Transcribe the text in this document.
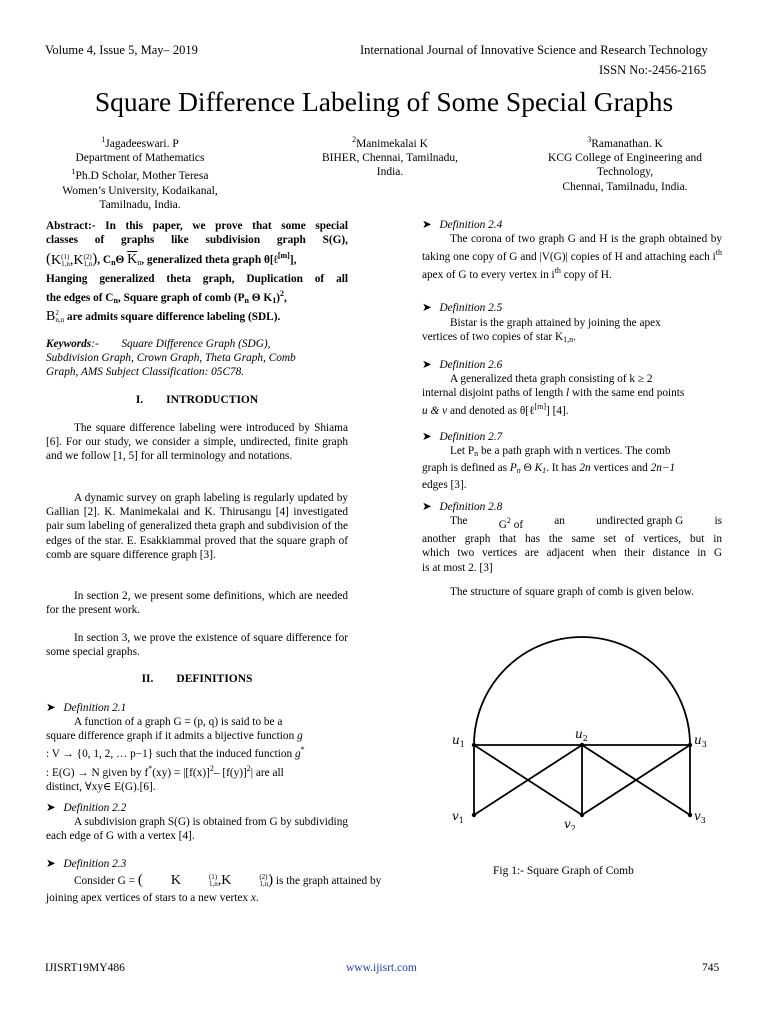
Volume 4, Issue 5, May– 2019	International Journal of Innovative Science and Research Technology
ISSN No:-2456-2165
Square Difference Labeling of Some Special Graphs
$^1$Jagadeeswari. P
Department of Mathematics
$^1$Ph.D Scholar, Mother Teresa
Women’s University, Kodaikanal,
Tamilnadu, India.
$^2$Manimekalai K
BIHER, Chennai, Tamilnadu,
India.
$^3$Ramanathan. K
KCG College of Engineering and
Technology,
Chennai, Tamilnadu, India.
Abstract:- In this paper, we prove that some special
classes of graphs like subdivision graph S(G),
(K (1)
1,n ,K (2)
1,n ), $C_n\Theta$ $\overline{K}_n$, generalized theta graph θ[ℓ[m]],
Hanging generalized theta graph, Duplication of all
the edges of $C_n$, Square graph of comb ($P_n$ Θ $K_1)^2$,
B 2
n,n are admits square difference labeling (SDL).
Keywords:-        Square Difference Graph (SDG),
Subdivision Graph, Crown Graph, Theta Graph, Comb
Graph, AMS Subject Classification: 05C78.
I.        INTRODUCTION
The square difference labeling were introduced by Shiama [6]. For our study, we consider a simple, undirected, finite graph and we follow [1, 5] for all terminology and notations.
A dynamic survey on graph labeling is regularly updated by Gallian [2]. K. Manimekalai and K. Thirusangu [4] investigated pair sum labeling of generalized theta graph and subdivision of the edges of the star. E. Esakkiammal proved that the square graph of comb are square difference graph [3].
In section 2, we present some definitions, which are needed for the present work.
In section 3, we prove the existence of square difference for some special graphs.
II.        DEFINITIONS
➤ Definition 2.1
A function of a graph G = (p, q) is said to be a
square difference graph if it admits a bijective function g
: V → {0, 1, 2, … p−1} such that the induced function g*
: E(G) → N given by $f^*(xy) = |[f(x)]^2-$ $[f(y)]^2|$ are all
distinct, ∀xy∈ E(G).[6].
➤ Definition 2.2
A subdivision graph S(G) is obtained from G by subdividing each edge of G with a vertex [4].
➤ Definition 2.3
Consider G = ( K	(1)
1,n ,K	(2)
1,n ) is the graph attained by
joining apex vertices of stars to a new vertex x.
➤ Definition 2.4
The corona of two graph G and H is the graph obtained by taking one copy of G and |V(G)| copies of H and attaching each $i^{th}$ apex of G to every vertex in $i^{th}$ copy of H.
➤ Definition 2.5
Bistar is the graph attained by joining the apex
vertices of two copies of star $K_{1,n}$.
➤ Definition 2.6
A generalized theta graph consisting of k ≥ 2
internal disjoint paths of length l with the same end points
u & v and denoted as θ[ℓ[m]] [4].
➤ Definition 2.7
Let $P_n$ be a path graph with n vertices. The comb
graph is defined as $P_n$ Θ $K_1$. It has 2n vertices and 2n−1
edges [3].
➤ Definition 2.8
The	$G^2$ of	an	undirected graph G	is
another graph that has the same set of vertices, but in
which two vertices are adjacent when their distance in G
is at most 2. [3]
The structure of square graph of comb is given below.
$u_1$
$u_2$	$u_3$
$v_1$	$v_2$
$v_3$
Fig 1:- Square Graph of Comb
IJISRT19MY486	www.ijisrt.com	745
